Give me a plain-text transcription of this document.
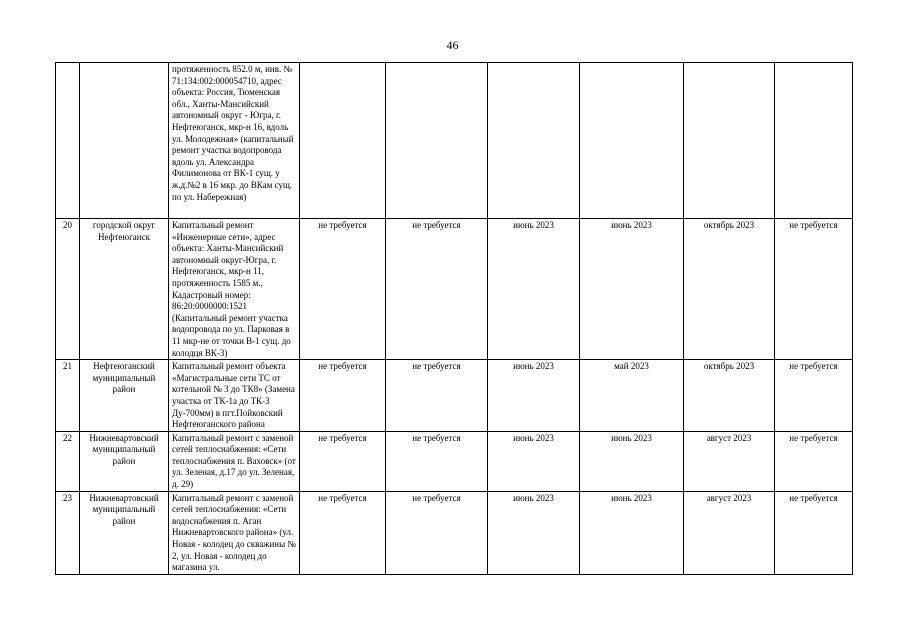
46
		протяженность 852.0 м, инв. № 71:134:002:000054710, адрес объекта: Россия, Тюменская обл., Ханты-Мансийский автономный округ - Югра, г. Нефтеюганск, мкр-н 16, вдоль ул. Молодежная» (капитальный ремонт участка водопровода вдоль ул. Александра Филимонова от ВК-1 сущ. у ж.д.№2 в 16 мкр. до ВКам сущ. по ул. Набережная)						
20	городской округ Нефтеюганск	Капитальный ремонт «Инженерные сети», адрес объекта: Ханты-Мансийский автономный округ-Югра, г. Нефтеюганск, мкр-н 11, протяженность 1585 м., Кадастровый номер: 86:20:0000000:1521 (Капитальный ремонт участка водопровода по ул. Парковая в 11 мкр-не от точки В-1 сущ. до колодця ВК-3)	не требуется	не требуется	июнь 2023	июнь 2023	октябрь 2023	не требуется
21	Нефтеюганский муниципальный район	Капитальный ремонт объекта «Магистральные сети ТС от котельной № 3 до ТК8» (Замена участка от ТК-1а до ТК-3 Ду-700мм) в пгт.Пойковский Нефтеюганского района	не требуется	не требуется	июнь 2023	май 2023	октябрь 2023	не требуется
22	Нижневартовский муниципальный район	Капитальный ремонт с заменой сетей теплоснабжения: «Сети теплоснабжения п. Ваховск» (от ул. Зеленая, д.17 до ул. Зеленая, д. 29)	не требуется	не требуется	июнь 2023	июнь 2023	август 2023	не требуется
23	Нижневартовский муниципальный район	Капитальный ремонт с заменой сетей теплоснабжения: «Сети водоснабжения п. Аган Нижневартовского района» (ул. Новая - колодец до скважины № 2, ул. Новая - колодец до магазина ул.	не требуется	не требуется	июнь 2023	июнь 2023	август 2023	не требуется
